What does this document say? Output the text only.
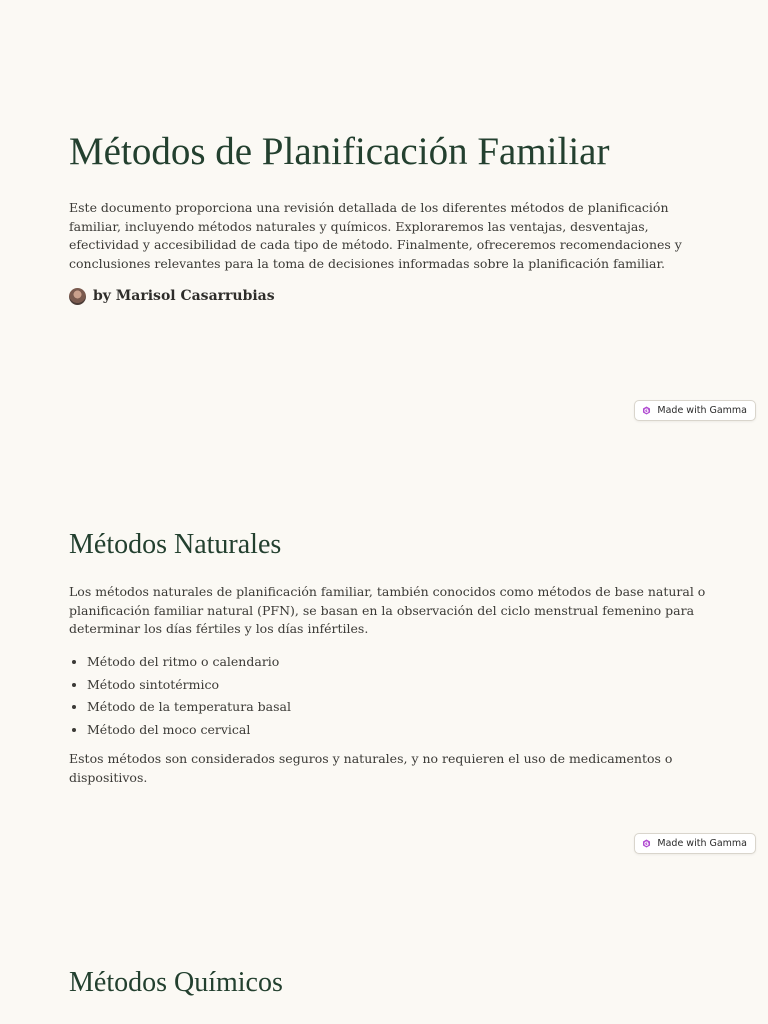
Métodos de Planificación Familiar

Este documento proporciona una revisión detallada de los diferentes métodos de planificación familiar, incluyendo métodos naturales y químicos. Exploraremos las ventajas, desventajas, efectividad y accesibilidad de cada tipo de método. Finalmente, ofreceremos recomendaciones y conclusiones relevantes para la toma de decisiones informadas sobre la planificación familiar.

by Marisol Casarrubias
Made with Gamma
Métodos Naturales

Los métodos naturales de planificación familiar, también conocidos como métodos de base natural o planificación familiar natural (PFN), se basan en la observación del ciclo menstrual femenino para determinar los días fértiles y los días infértiles.

• Método del ritmo o calendario
• Método sintotérmico
• Método de la temperatura basal
• Método del moco cervical

Estos métodos son considerados seguros y naturales, y no requieren el uso de medicamentos o dispositivos.

Made with Gamma
Métodos Químicos
